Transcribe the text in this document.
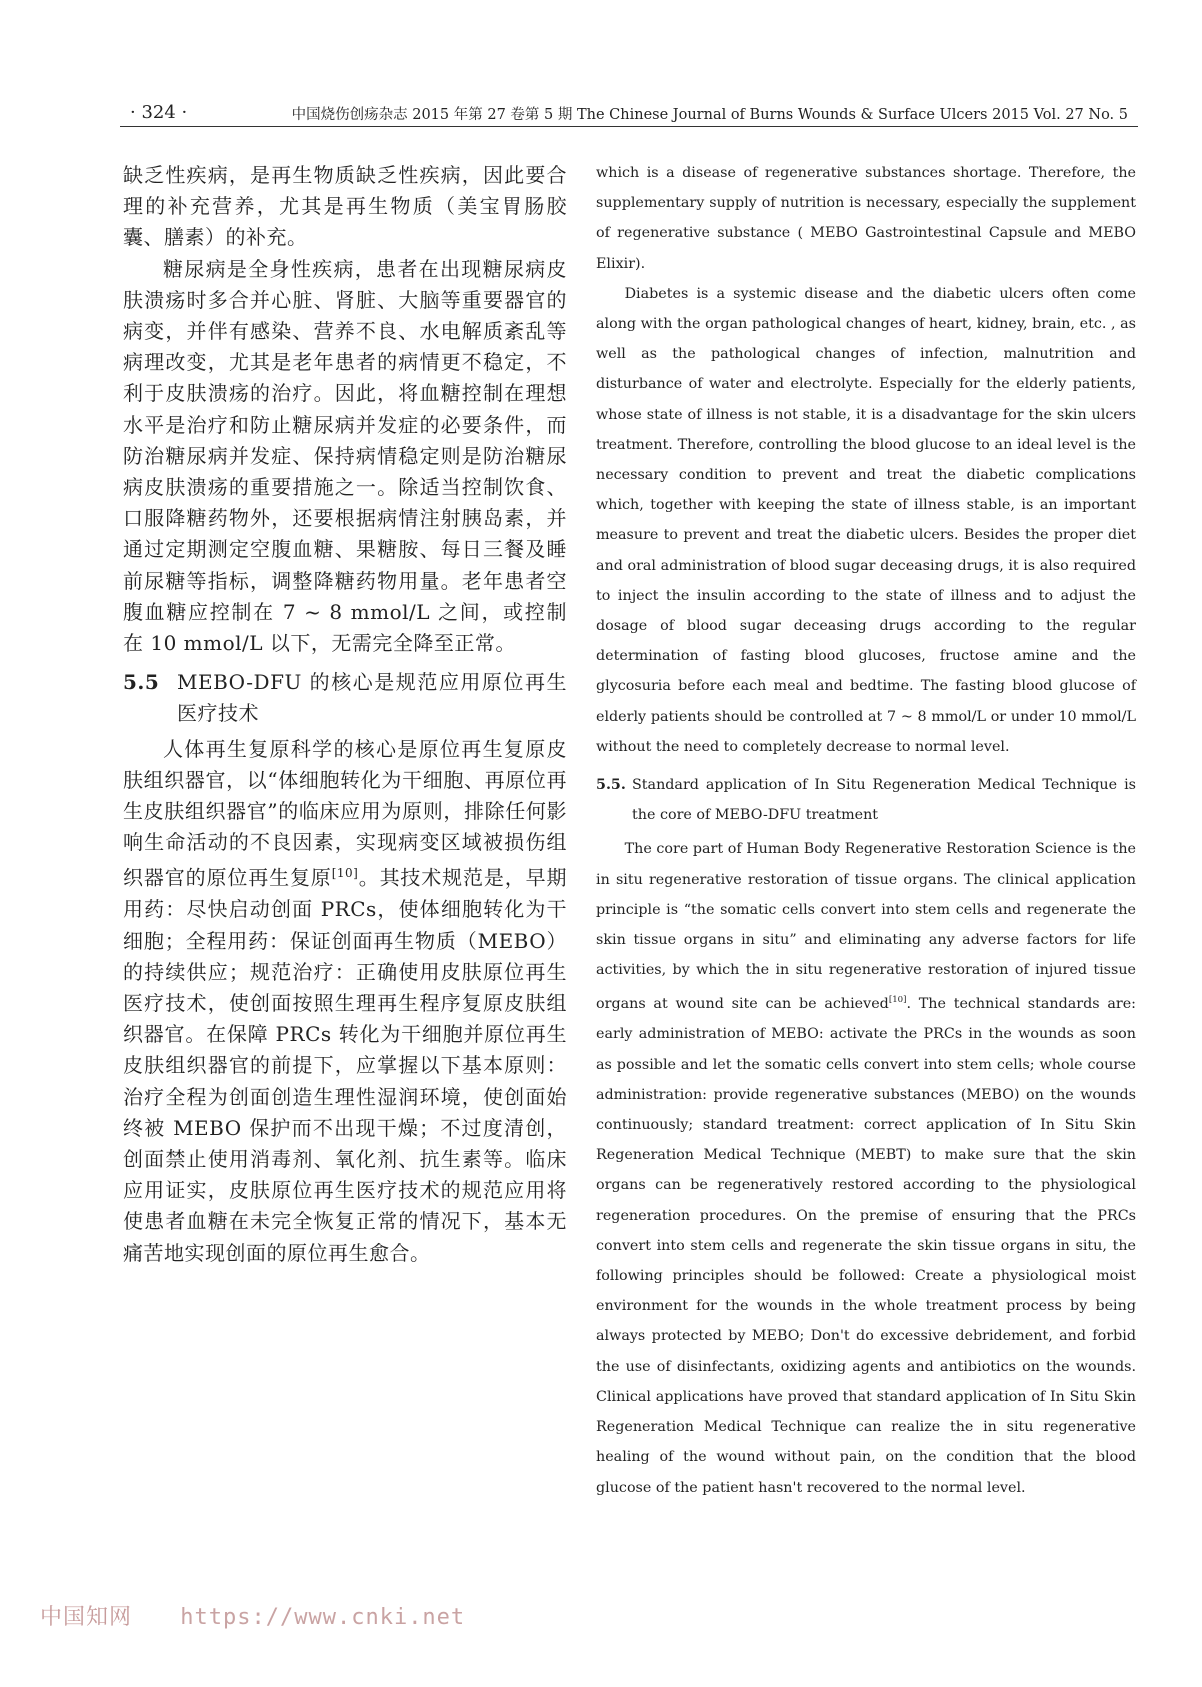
· 324 ·	中国烧伤创疡杂志 2015 年第 27 卷第 5 期 The Chinese Journal of Burns Wounds & Surface Ulcers 2015 Vol. 27 No. 5

缺乏性疾病，是再生物质缺乏性疾病，因此要合理的补充营养，尤其是再生物质（美宝胃肠胶囊、膳素）的补充。

糖尿病是全身性疾病，患者在出现糖尿病皮肤溃疡时多合并心脏、肾脏、大脑等重要器官的病变，并伴有感染、营养不良、水电解质紊乱等病理改变，尤其是老年患者的病情更不稳定，不利于皮肤溃疡的治疗。因此，将血糖控制在理想水平是治疗和防止糖尿病并发症的必要条件，而防治糖尿病并发症、保持病情稳定则是防治糖尿病皮肤溃疡的重要措施之一。除适当控制饮食、口服降糖药物外，还要根据病情注射胰岛素，并通过定期测定空腹血糖、果糖胺、每日三餐及睡前尿糖等指标，调整降糖药物用量。老年患者空腹血糖应控制在 7 ~ 8 mmol/L 之间，或控制在 10 mmol/L 以下，无需完全降至正常。

5.5 MEBO-DFU 的核心是规范应用原位再生医疗技术

人体再生复原科学的核心是原位再生复原皮肤组织器官，以“体细胞转化为干细胞、再原位再生皮肤组织器官”的临床应用为原则，排除任何影响生命活动的不良因素，实现病变区域被损伤组织器官的原位再生复原[10]。其技术规范是，早期用药：尽快启动创面 PRCs，使体细胞转化为干细胞；全程用药：保证创面再生物质（MEBO）的持续供应；规范治疗：正确使用皮肤原位再生医疗技术，使创面按照生理再生程序复原皮肤组织器官。在保障 PRCs 转化为干细胞并原位再生皮肤组织器官的前提下，应掌握以下基本原则：治疗全程为创面创造生理性湿润环境，使创面始终被 MEBO 保护而不出现干燥；不过度清创，创面禁止使用消毒剂、氧化剂、抗生素等。临床应用证实，皮肤原位再生医疗技术的规范应用将使患者血糖在未完全恢复正常的情况下，基本无痛苦地实现创面的原位再生愈合。

which is a disease of regenerative substances shortage. Therefore, the supplementary supply of nutrition is necessary, especially the supplement of regenerative substance ( MEBO Gastrointestinal Capsule and MEBO Elixir).

Diabetes is a systemic disease and the diabetic ulcers often come along with the organ pathological changes of heart, kidney, brain, etc. , as well as the pathological changes of infection, malnutrition and disturbance of water and electrolyte. Especially for the elderly patients, whose state of illness is not stable, it is a disadvantage for the skin ulcers treatment. Therefore, controlling the blood glucose to an ideal level is the necessary condition to prevent and treat the diabetic complications which, together with keeping the state of illness stable, is an important measure to prevent and treat the diabetic ulcers. Besides the proper diet and oral administration of blood sugar deceasing drugs, it is also required to inject the insulin according to the state of illness and to adjust the dosage of blood sugar deceasing drugs according to the regular determination of fasting blood glucoses, fructose amine and the glycosuria before each meal and bedtime. The fasting blood glucose of elderly patients should be controlled at 7 ~ 8 mmol/L or under 10 mmol/L without the need to completely decrease to normal level.

5.5. Standard application of In Situ Regeneration Medical Technique is the core of MEBO-DFU treatment

The core part of Human Body Regenerative Restoration Science is the in situ regenerative restoration of tissue organs. The clinical application principle is “the somatic cells convert into stem cells and regenerate the skin tissue organs in situ” and eliminating any adverse factors for life activities, by which the in situ regenerative restoration of injured tissue organs at wound site can be achieved[10]. The technical standards are: early administration of MEBO: activate the PRCs in the wounds as soon as possible and let the somatic cells convert into stem cells; whole course administration: provide regenerative substances (MEBO) on the wounds continuously; standard treatment: correct application of In Situ Skin Regeneration Medical Technique (MEBT) to make sure that the skin organs can be regeneratively restored according to the physiological regeneration procedures. On the premise of ensuring that the PRCs convert into stem cells and regenerate the skin tissue organs in situ, the following principles should be followed: Create a physiological moist environment for the wounds in the whole treatment process by being always protected by MEBO; Don't do excessive debridement, and forbid the use of disinfectants, oxidizing agents and antibiotics on the wounds. Clinical applications have proved that standard application of In Situ Skin Regeneration Medical Technique can realize the in situ regenerative healing of the wound without pain, on the condition that the blood glucose of the patient hasn't recovered to the normal level.

中国知网 https://www.cnki.net
